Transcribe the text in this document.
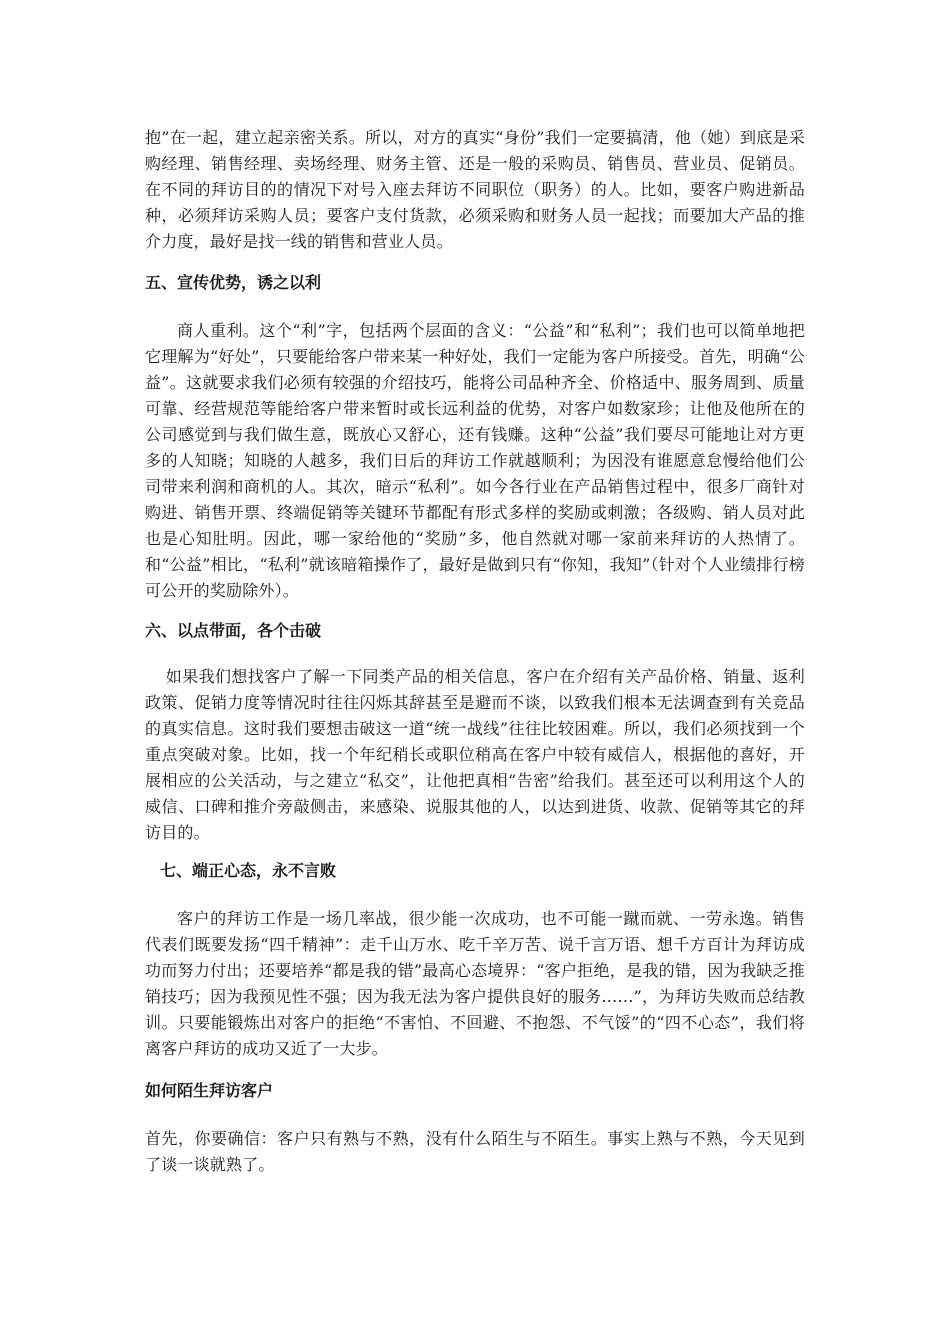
抱”在一起，建立起亲密关系。所以，对方的真实“身份”我们一定要搞清，他（她）到底是采购经理、销售经理、卖场经理、财务主管、还是一般的采购员、销售员、营业员、促销员。在不同的拜访目的的情况下对号入座去拜访不同职位（职务）的人。比如，要客户购进新品种，必须拜访采购人员；要客户支付货款，必须采购和财务人员一起找；而要加大产品的推介力度，最好是找一线的销售和营业人员。

五、宣传优势，诱之以利

商人重利。这个“利”字，包括两个层面的含义：“公益”和“私利”；我们也可以简单地把它理解为“好处”，只要能给客户带来某一种好处，我们一定能为客户所接受。首先，明确“公益”。这就要求我们必须有较强的介绍技巧，能将公司品种齐全、价格适中、服务周到、质量可靠、经营规范等能给客户带来暂时或长远利益的优势，对客户如数家珍；让他及他所在的公司感觉到与我们做生意，既放心又舒心，还有钱赚。这种“公益”我们要尽可能地让对方更多的人知晓；知晓的人越多，我们日后的拜访工作就越顺利；为因没有谁愿意怠慢给他们公司带来利润和商机的人。其次，暗示“私利”。如今各行业在产品销售过程中，很多厂商针对购进、销售开票、终端促销等关键环节都配有形式多样的奖励或刺激；各级购、销人员对此也是心知肚明。因此，哪一家给他的“奖励”多，他自然就对哪一家前来拜访的人热情了。和“公益”相比，“私利”就该暗箱操作了，最好是做到只有“你知，我知”（针对个人业绩排行榜可公开的奖励除外）。

六、以点带面，各个击破

如果我们想找客户了解一下同类产品的相关信息，客户在介绍有关产品价格、销量、返利政策、促销力度等情况时往往闪烁其辞甚至是避而不谈，以致我们根本无法调查到有关竞品的真实信息。这时我们要想击破这一道“统一战线”往往比较困难。所以，我们必须找到一个重点突破对象。比如，找一个年纪稍长或职位稍高在客户中较有威信人，根据他的喜好，开展相应的公关活动，与之建立“私交”，让他把真相“告密”给我们。甚至还可以利用这个人的威信、口碑和推介旁敲侧击，来感染、说服其他的人，以达到进货、收款、促销等其它的拜访目的。

七、端正心态，永不言败

客户的拜访工作是一场几率战，很少能一次成功，也不可能一蹴而就、一劳永逸。销售代表们既要发扬“四千精神”：走千山万水、吃千辛万苦、说千言万语、想千方百计为拜访成功而努力付出；还要培养“都是我的错”最高心态境界：“客户拒绝，是我的错，因为我缺乏推销技巧；因为我预见性不强；因为我无法为客户提供良好的服务……”，为拜访失败而总结教训。只要能锻炼出对客户的拒绝“不害怕、不回避、不抱怨、不气馁”的“四不心态”，我们将离客户拜访的成功又近了一大步。

如何陌生拜访客户

首先，你要确信：客户只有熟与不熟，没有什么陌生与不陌生。事实上熟与不熟，今天见到了谈一谈就熟了。
